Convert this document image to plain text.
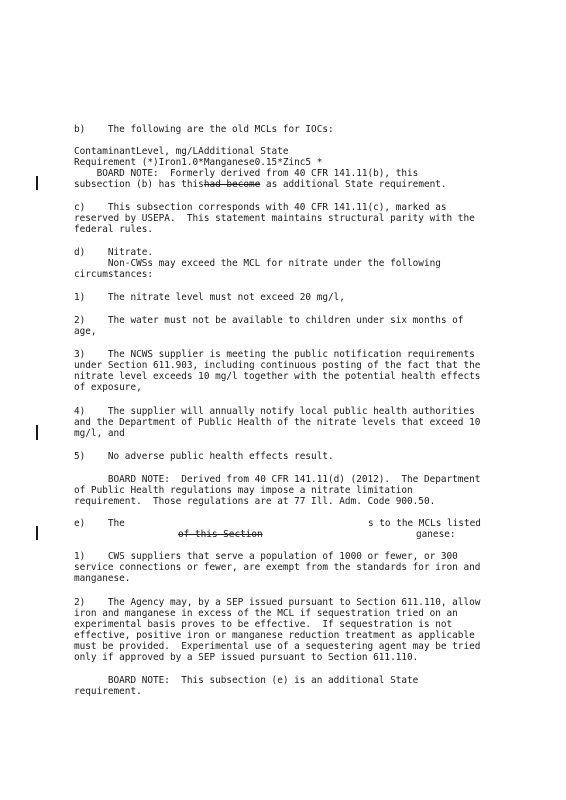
b)    The following are the old MCLs for IOCs:

ContaminantLevel, mg/LAdditional State

Requirement (*)Iron1.0*Manganese0.15*Zinc5 *

BOARD NOTE:  Formerly derived from 40 CFR 141.11(b), this

subsection (b) has thishad become as additional State requirement.

c)    This subsection corresponds with 40 CFR 141.11(c), marked as

reserved by USEPA.  This statement maintains structural parity with the

federal rules.

d)    Nitrate.

Non-CWSs may exceed the MCL for nitrate under the following

circumstances:

1)    The nitrate level must not exceed 20 mg/l,

2)    The water must not be available to children under six months of

age,

3)    The NCWS supplier is meeting the public notification requirements

under Section 611.903, including continuous posting of the fact that the

nitrate level exceeds 10 mg/l together with the potential health effects

of exposure,

4)    The supplier will annually notify local public health authorities

and the Department of Public Health of the nitrate levels that exceed 10

mg/l, and

5)    No adverse public health effects result.

BOARD NOTE:  Derived from 40 CFR 141.11(d) (2012).  The Department

of Public Health regulations may impose a nitrate limitation

requirement.  Those regulations are at 77 Ill. Adm. Code 900.50.

e)    The	s to the MCLs listed

of this Section	ganese:

1)    CWS suppliers that serve a population of 1000 or fewer, or 300

service connections or fewer, are exempt from the standards for iron and

manganese.

2)    The Agency may, by a SEP issued pursuant to Section 611.110, allow

iron and manganese in excess of the MCL if sequestration tried on an

experimental basis proves to be effective.  If sequestration is not

effective, positive iron or manganese reduction treatment as applicable

must be provided.  Experimental use of a sequestering agent may be tried

only if approved by a SEP issued pursuant to Section 611.110.

BOARD NOTE:  This subsection (e) is an additional State

requirement.
